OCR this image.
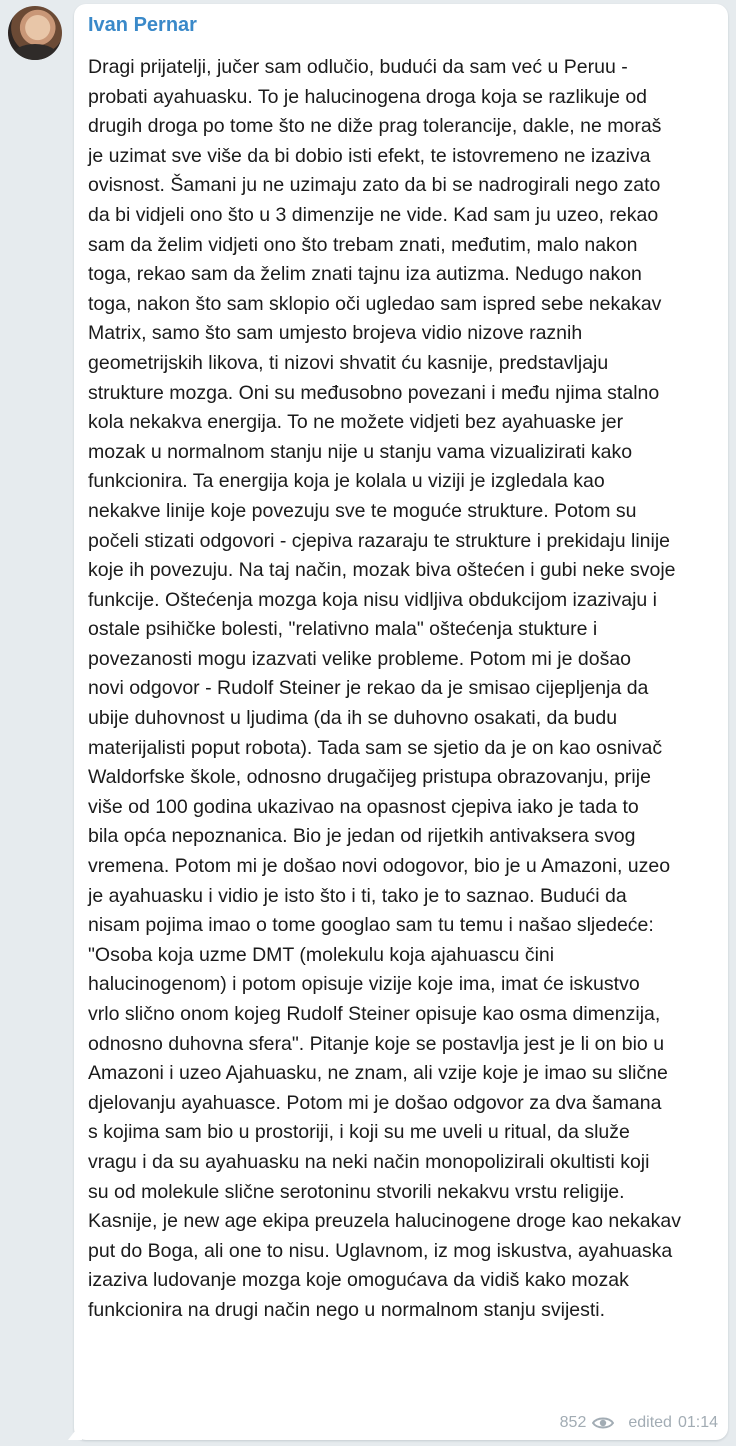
Ivan Pernar
Dragi prijatelji, jučer sam odlučio, budući da sam već u Peruu -
probati ayahuasku. To je halucinogena droga koja se razlikuje od
drugih droga po tome što ne diže prag tolerancije, dakle, ne moraš
je uzimat sve više da bi dobio isti efekt, te istovremeno ne izaziva
ovisnost. Šamani ju ne uzimaju zato da bi se nadrogirali nego zato
da bi vidjeli ono što u 3 dimenzije ne vide. Kad sam ju uzeo, rekao
sam da želim vidjeti ono što trebam znati, međutim, malo nakon
toga, rekao sam da želim znati tajnu iza autizma. Nedugo nakon
toga, nakon što sam sklopio oči ugledao sam ispred sebe nekakav
Matrix, samo što sam umjesto brojeva vidio nizove raznih
geometrijskih likova, ti nizovi shvatit ću kasnije, predstavljaju
strukture mozga. Oni su međusobno povezani i među njima stalno
kola nekakva energija. To ne možete vidjeti bez ayahuaske jer
mozak u normalnom stanju nije u stanju vama vizualizirati kako
funkcionira. Ta energija koja je kolala u viziji je izgledala kao
nekakve linije koje povezuju sve te moguće strukture. Potom su
počeli stizati odgovori - cjepiva razaraju te strukture i prekidaju linije
koje ih povezuju. Na taj način, mozak biva oštećen i gubi neke svoje
funkcije. Oštećenja mozga koja nisu vidljiva obdukcijom izazivaju i
ostale psihičke bolesti, "relativno mala" oštećenja stukture i
povezanosti mogu izazvati velike probleme. Potom mi je došao
novi odgovor - Rudolf Steiner je rekao da je smisao cijepljenja da
ubije duhovnost u ljudima (da ih se duhovno osakati, da budu
materijalisti poput robota). Tada sam se sjetio da je on kao osnivač
Waldorfske škole, odnosno drugačijeg pristupa obrazovanju, prije
više od 100 godina ukazivao na opasnost cjepiva iako je tada to
bila opća nepoznanica. Bio je jedan od rijetkih antivaksera svog
vremena. Potom mi je došao novi odogovor, bio je u Amazoni, uzeo
je ayahuasku i vidio je isto što i ti, tako je to saznao. Budući da
nisam pojima imao o tome googlao sam tu temu i našao sljedeće:
"Osoba koja uzme DMT (molekulu koja ajahuascu čini
halucinogenom) i potom opisuje vizije koje ima, imat će iskustvo
vrlo slično onom kojeg Rudolf Steiner opisuje kao osma dimenzija,
odnosno duhovna sfera". Pitanje koje se postavlja jest je li on bio u
Amazoni i uzeo Ajahuasku, ne znam, ali vzije koje je imao su slične
djelovanju ayahuasce. Potom mi je došao odgovor za dva šamana
s kojima sam bio u prostoriji, i koji su me uveli u ritual, da služe
vragu i da su ayahuasku na neki način monopolizirali okultisti koji
su od molekule slične serotoninu stvorili nekakvu vrstu religije.
Kasnije, je new age ekipa preuzela halucinogene droge kao nekakav
put do Boga, ali one to nisu. Uglavnom, iz mog iskustva, ayahuaska
izaziva ludovanje mozga koje omogućava da vidiš kako mozak
funkcionira na drugi način nego u normalnom stanju svijesti.
852	edited 01:14
